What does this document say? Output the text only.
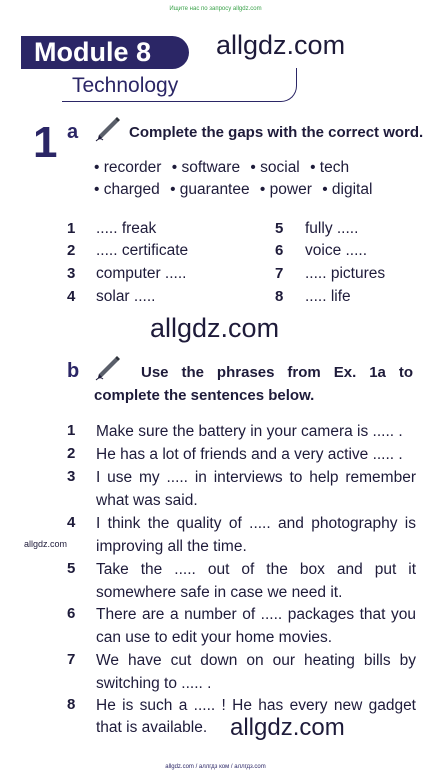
Ищите нас по запросу allgdz.com
Module 8
Technology
allgdz.com
allgdz.com
allgdz.com
allgdz.com
1 a	Complete the gaps with the correct word.
• recorder • software • social • tech
• charged • guarantee • power • digital
1 ..... freak
2 ..... certificate
3 computer .....
4 solar .....
5 fully .....
6 voice .....
7 ..... pictures
8 ..... life
b	Use the phrases from Ex. 1a to
complete the sentences below.
1 Make sure the battery in your camera is ..... .
2 He has a lot of friends and a very active ..... .
3 I use my ..... in interviews to help remember
what was said.
4 I think the quality of ..... and photography is
improving all the time.
5 Take the ..... out of the box and put it
somewhere safe in case we need it.
6 There are a number of ..... packages that you
can use to edit your home movies.
7 We have cut down on our heating bills by
switching to ..... .
8 He is such a ..... ! He has every new gadget
that is available.
allgdz.com / аллгдз ком / аллгдз.com
